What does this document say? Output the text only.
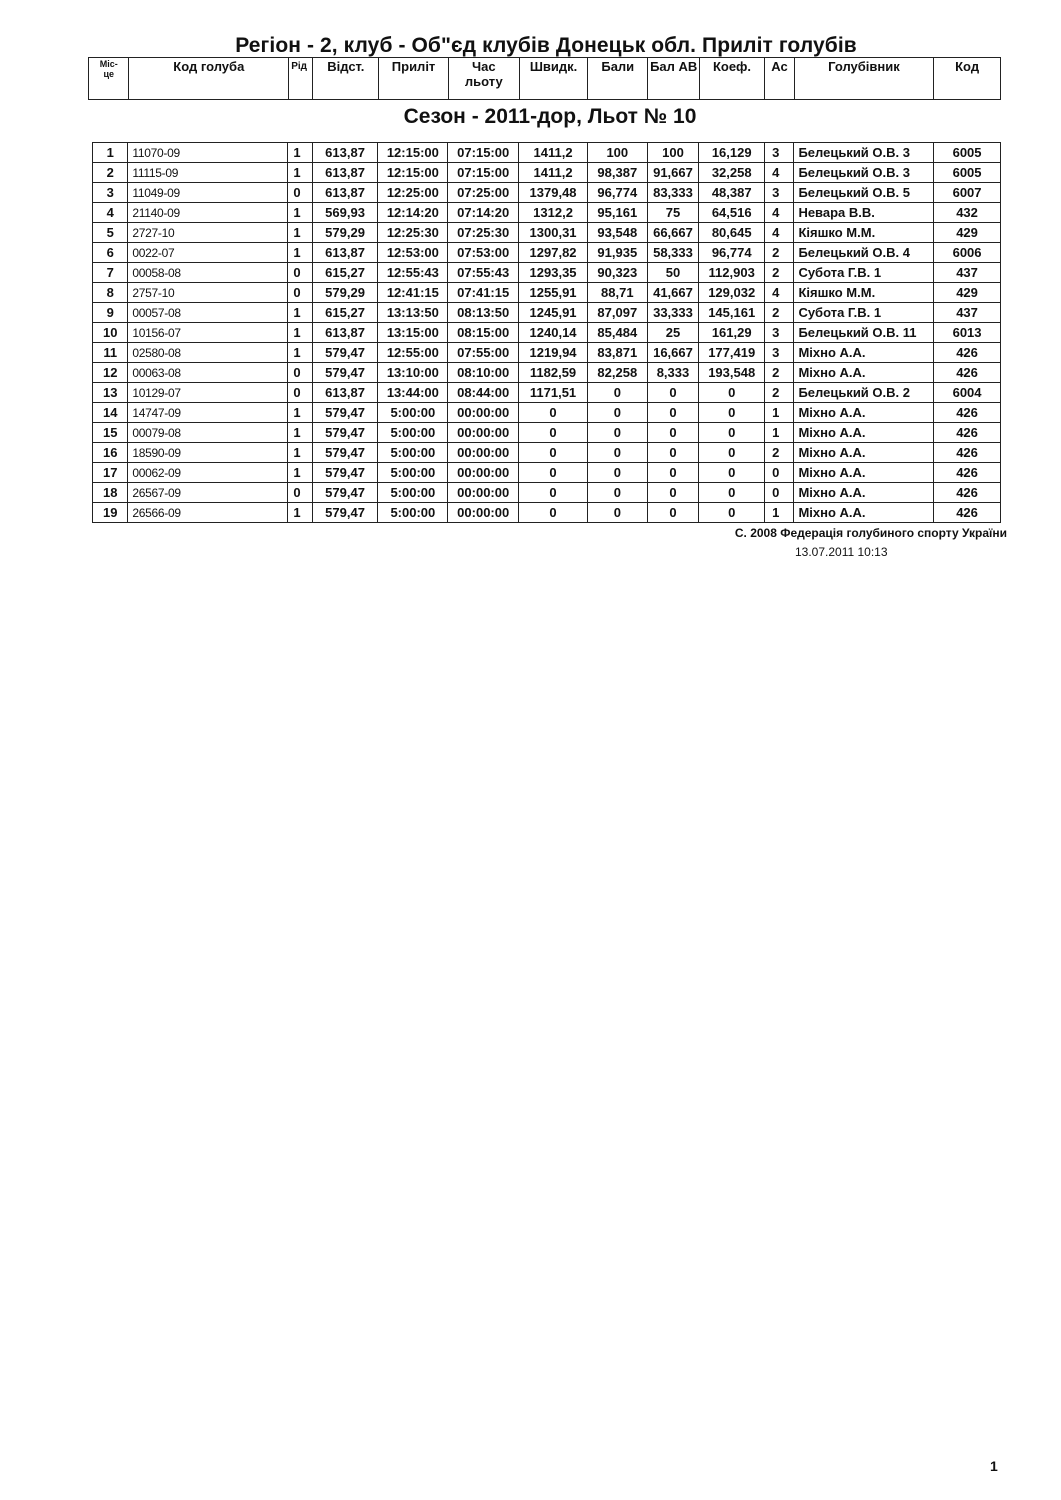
Регіон - 2, клуб - Об"єд клубів Донецьк обл. Приліт голубів
Міс-
це	Код голуба	Рід	Відст.	Приліт	Час
льоту	Швидк.	Бали	Бал АВ	Коеф.	Ас	Голубівник	Код
Сезон - 2011-дор, Льот № 10
1	11070-09	1	613,87	12:15:00	07:15:00	1411,2	100	100	16,129	3	Белецький О.В. 3	6005
2	11115-09	1	613,87	12:15:00	07:15:00	1411,2	98,387	91,667	32,258	4	Белецький О.В. 3	6005
3	11049-09	0	613,87	12:25:00	07:25:00	1379,48	96,774	83,333	48,387	3	Белецький О.В. 5	6007
4	21140-09	1	569,93	12:14:20	07:14:20	1312,2	95,161	75	64,516	4	Невара В.В.	432
5	2727-10	1	579,29	12:25:30	07:25:30	1300,31	93,548	66,667	80,645	4	Кіяшко М.М.	429
6	0022-07	1	613,87	12:53:00	07:53:00	1297,82	91,935	58,333	96,774	2	Белецький О.В. 4	6006
7	00058-08	0	615,27	12:55:43	07:55:43	1293,35	90,323	50	112,903	2	Субота Г.В. 1	437
8	2757-10	0	579,29	12:41:15	07:41:15	1255,91	88,71	41,667	129,032	4	Кіяшко М.М.	429
9	00057-08	1	615,27	13:13:50	08:13:50	1245,91	87,097	33,333	145,161	2	Субота Г.В. 1	437
10	10156-07	1	613,87	13:15:00	08:15:00	1240,14	85,484	25	161,29	3	Белецький О.В. 11	6013
11	02580-08	1	579,47	12:55:00	07:55:00	1219,94	83,871	16,667	177,419	3	Міхно А.А.	426
12	00063-08	0	579,47	13:10:00	08:10:00	1182,59	82,258	8,333	193,548	2	Міхно А.А.	426
13	10129-07	0	613,87	13:44:00	08:44:00	1171,51	0	0	0	2	Белецький О.В. 2	6004
14	14747-09	1	579,47	5:00:00	00:00:00	0	0	0	0	1	Міхно А.А.	426
15	00079-08	1	579,47	5:00:00	00:00:00	0	0	0	0	1	Міхно А.А.	426
16	18590-09	1	579,47	5:00:00	00:00:00	0	0	0	0	2	Міхно А.А.	426
17	00062-09	1	579,47	5:00:00	00:00:00	0	0	0	0	0	Міхно А.А.	426
18	26567-09	0	579,47	5:00:00	00:00:00	0	0	0	0	0	Міхно А.А.	426
19	26566-09	1	579,47	5:00:00	00:00:00	0	0	0	0	1	Міхно А.А.	426
С. 2008 Федерація голубиного спорту України
13.07.2011 10:13
1
